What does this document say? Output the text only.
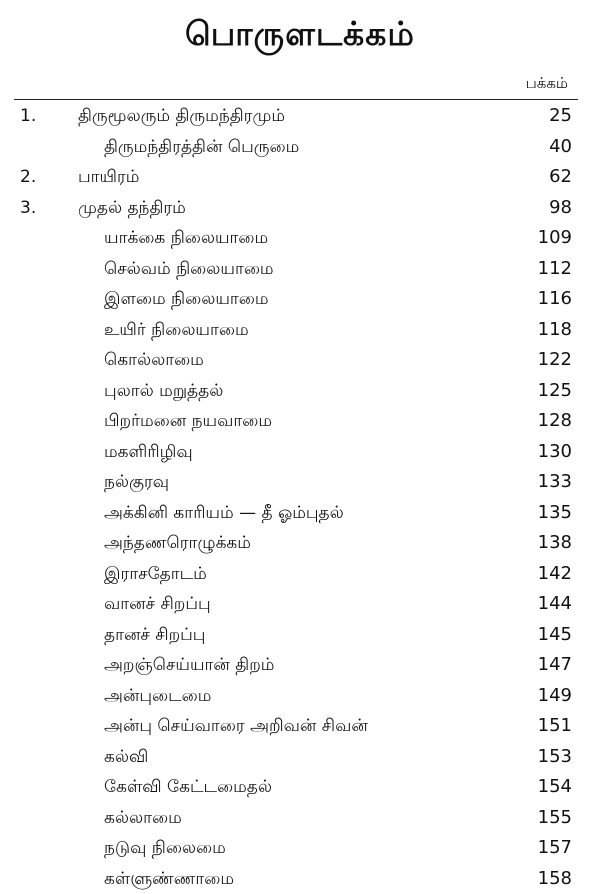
பொருளடக்கம்
பக்கம்
1. திருமூலரும் திருமந்திரமும்	25
திருமந்திரத்தின் பெருமை	40
2. பாயிரம்	62
3. முதல் தந்திரம்	98
யாக்கை நிலையாமை	109
செல்வம் நிலையாமை	112
இளமை நிலையாமை	116
உயிர் நிலையாமை	118
கொல்லாமை	122
புலால் மறுத்தல்	125
பிறர்மனை நயவாமை	128
மகளிரிழிவு	130
நல்குரவு	133
அக்கினி காரியம் — தீ ஓம்புதல்	135
அந்தணரொழுக்கம்	138
இராசதோடம்	142
வானச் சிறப்பு	144
தானச் சிறப்பு	145
அறஞ்செய்யான் திறம்	147
அன்புடைமை	149
அன்பு செய்வாரை அறிவன் சிவன்	151
கல்வி	153
கேள்வி கேட்டமைதல்	154
கல்லாமை	155
நடுவு நிலைமை	157
கள்ளுண்ணாமை	158
